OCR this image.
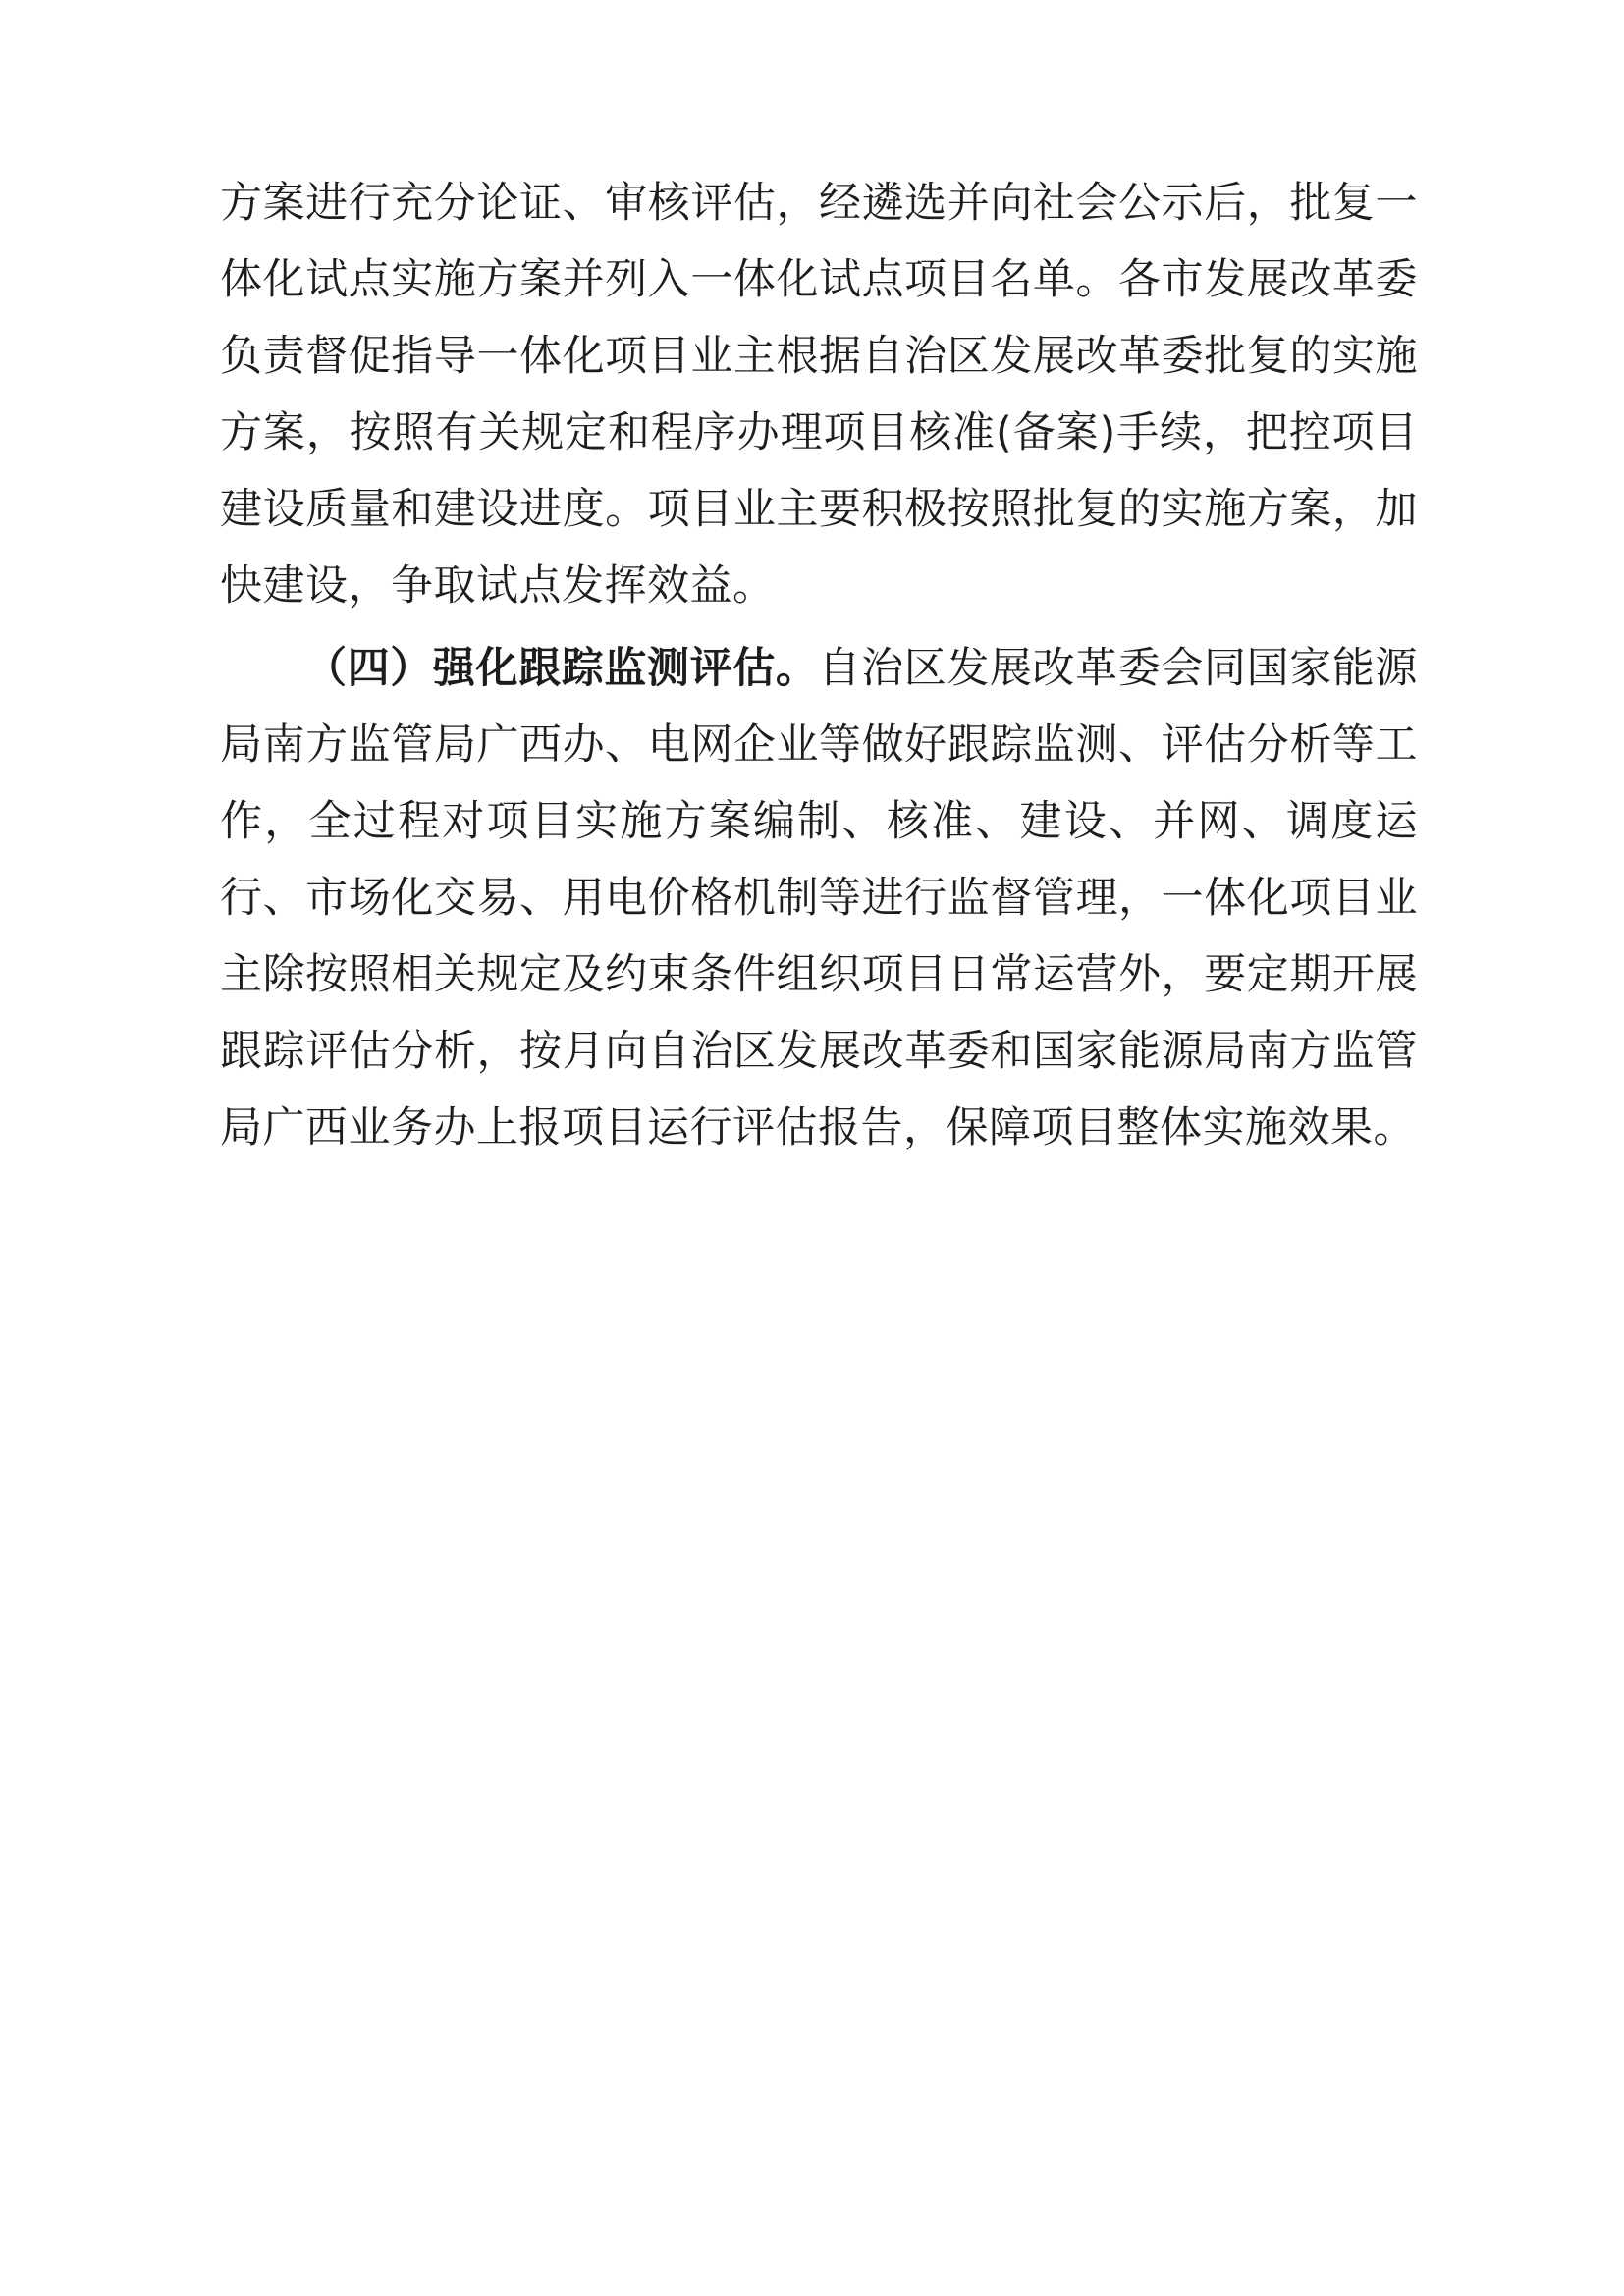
方案进行充分论证、审核评估，经遴选并向社会公示后，批复一体化试点实施方案并列入一体化试点项目名单。各市发展改革委负责督促指导一体化项目业主根据自治区发展改革委批复的实施方案，按照有关规定和程序办理项目核准(备案)手续，把控项目建设质量和建设进度。项目业主要积极按照批复的实施方案，加快建设，争取试点发挥效益。

（四）强化跟踪监测评估。自治区发展改革委会同国家能源局南方监管局广西办、电网企业等做好跟踪监测、评估分析等工作，全过程对项目实施方案编制、核准、建设、并网、调度运行、市场化交易、用电价格机制等进行监督管理，一体化项目业主除按照相关规定及约束条件组织项目日常运营外，要定期开展跟踪评估分析，按月向自治区发展改革委和国家能源局南方监管局广西业务办上报项目运行评估报告，保障项目整体实施效果。
